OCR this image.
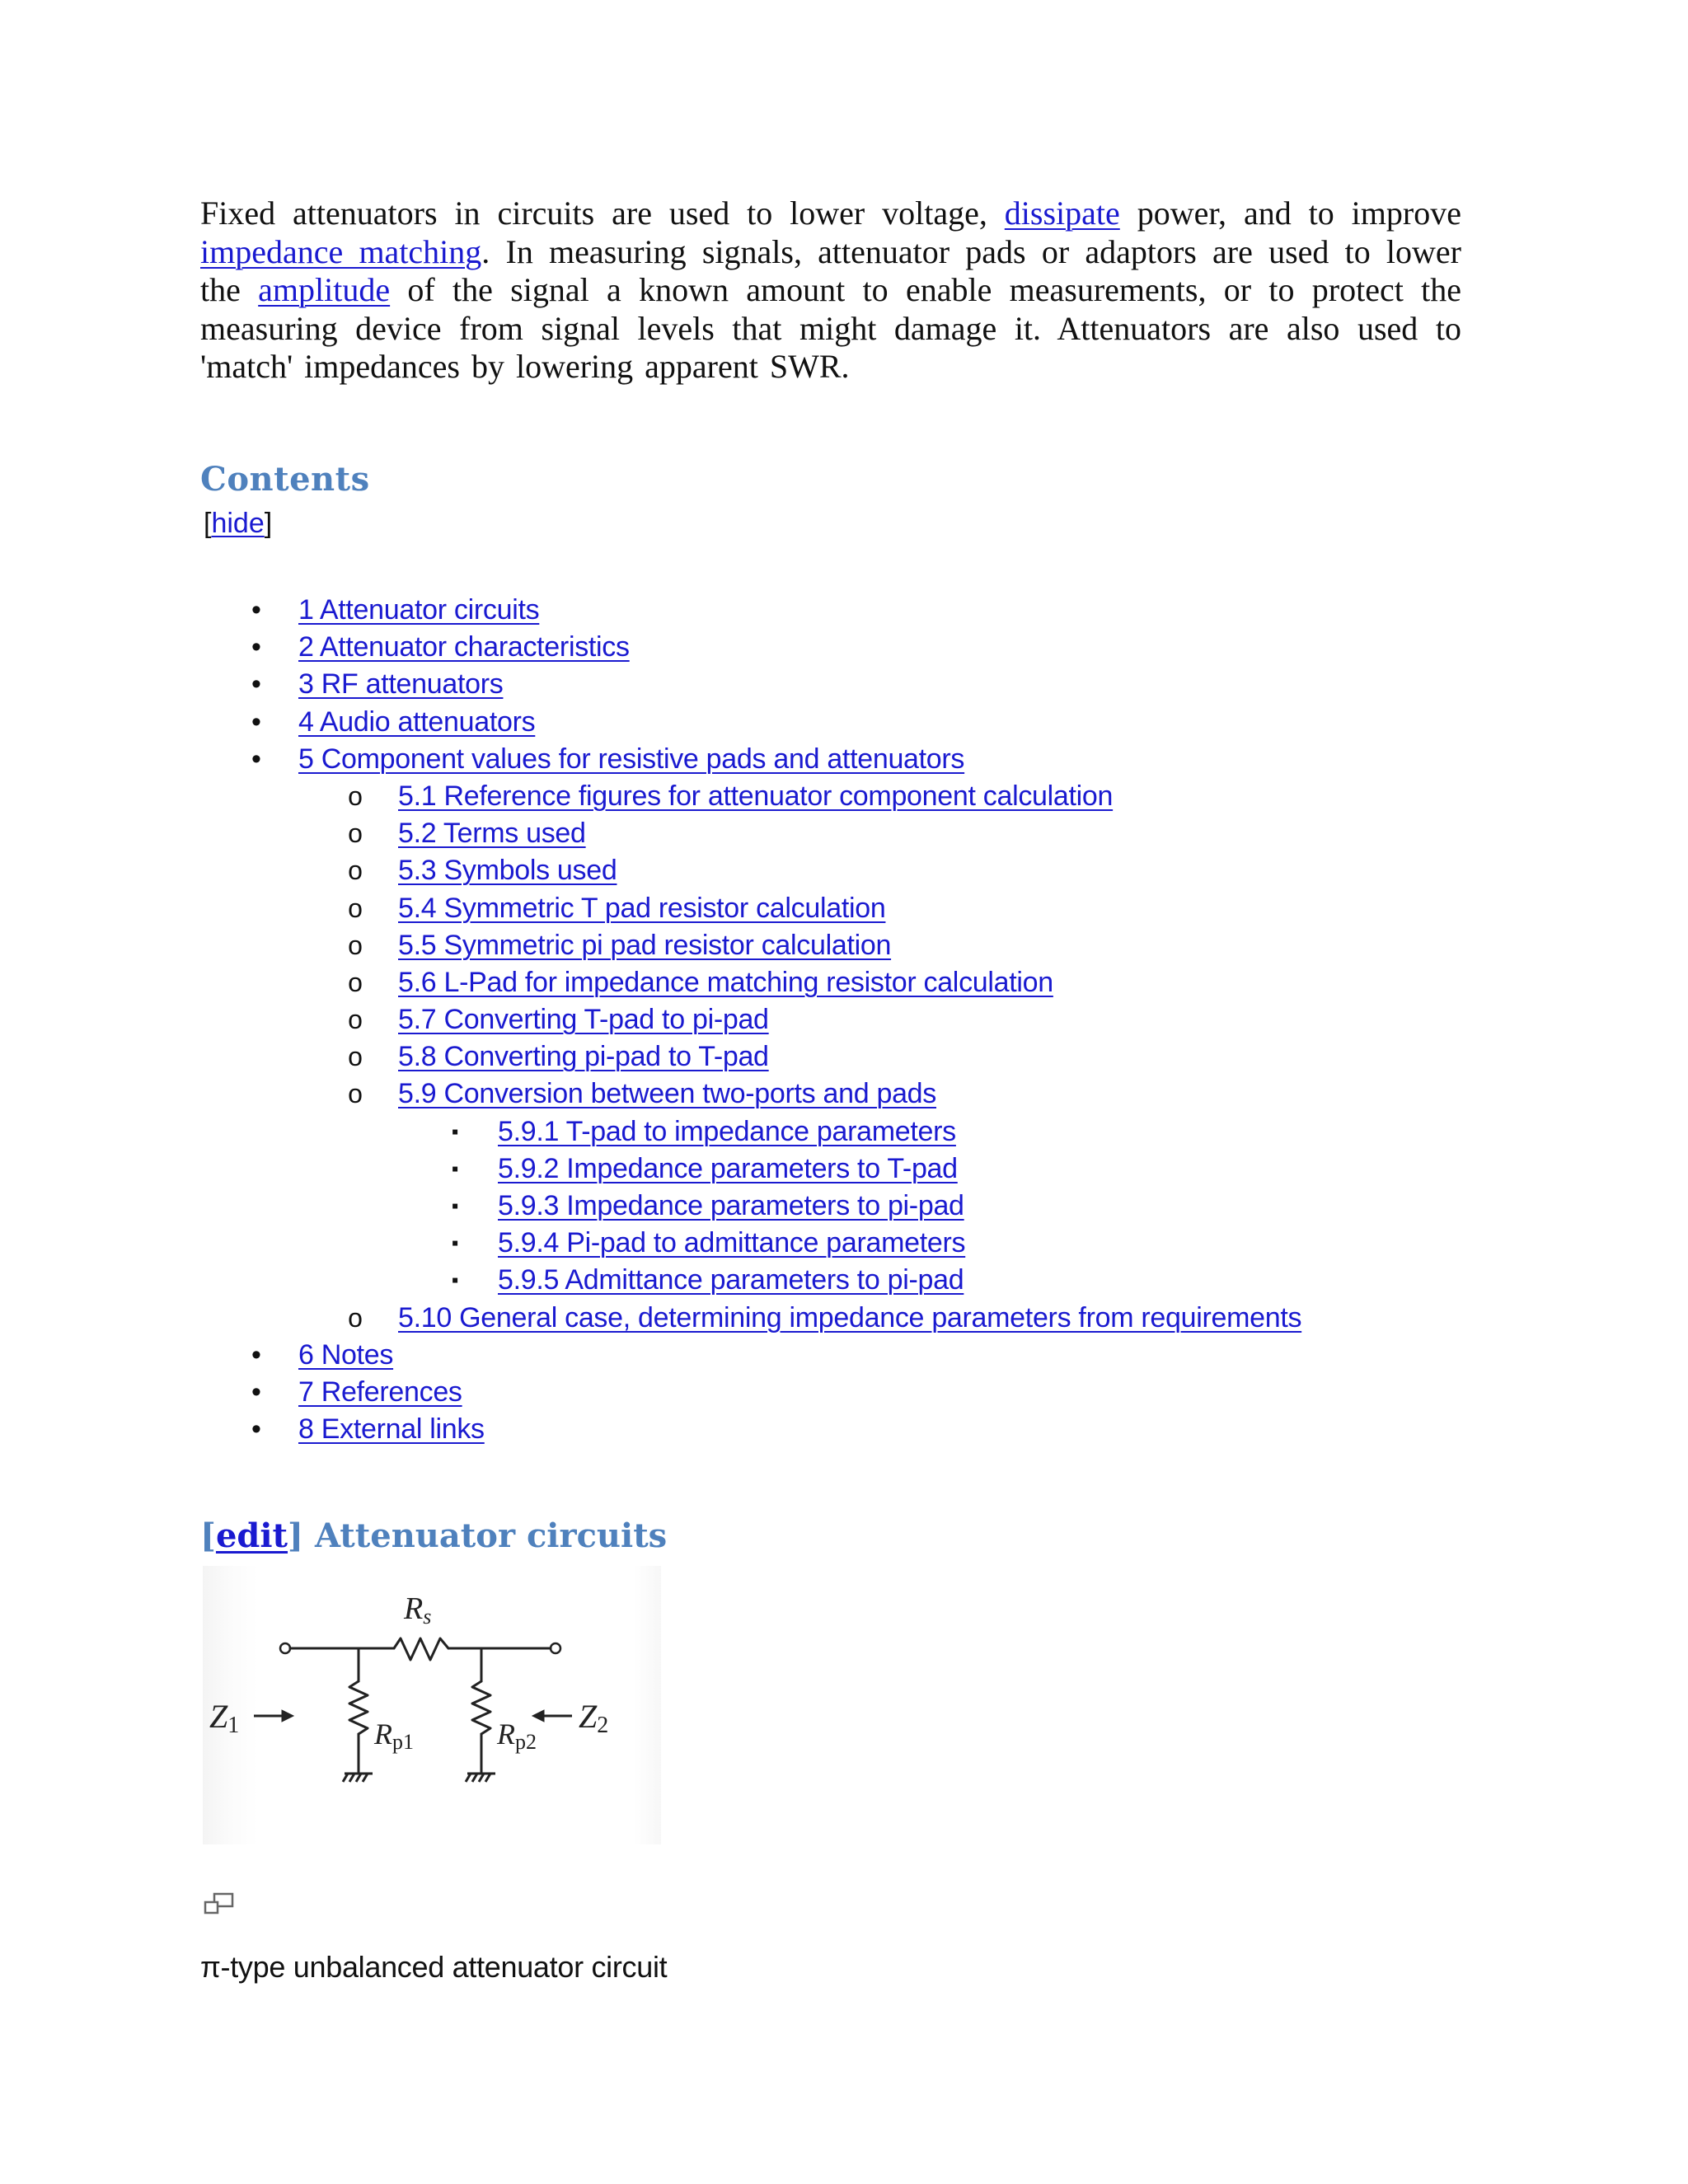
Fixed attenuators in circuits are used to lower voltage, dissipate power, and to improve impedance matching. In measuring signals, attenuator pads or adaptors are used to lower the amplitude of the signal a known amount to enable measurements, or to protect the measuring device from signal levels that might damage it. Attenuators are also used to 'match' impedances by lowering apparent SWR.

Contents
[hide]
• 1 Attenuator circuits
• 2 Attenuator characteristics
• 3 RF attenuators
• 4 Audio attenuators
• 5 Component values for resistive pads and attenuators
o 5.1 Reference figures for attenuator component calculation
o 5.2 Terms used
o 5.3 Symbols used
o 5.4 Symmetric T pad resistor calculation
o 5.5 Symmetric pi pad resistor calculation
o 5.6 L-Pad for impedance matching resistor calculation
o 5.7 Converting T-pad to pi-pad
o 5.8 Converting pi-pad to T-pad
o 5.9 Conversion between two-ports and pads
▪	5.9.1 T-pad to impedance parameters
▪	5.9.2 Impedance parameters to T-pad
▪	5.9.3 Impedance parameters to pi-pad
▪	5.9.4 Pi-pad to admittance parameters
▪	5.9.5 Admittance parameters to pi-pad
o 5.10 General case, determining impedance parameters from requirements
• 6 Notes
• 7 References
• 8 External links
[edit] Attenuator circuits
Rs
Z1	Z2
Rp1	Rp2
π-type unbalanced attenuator circuit
